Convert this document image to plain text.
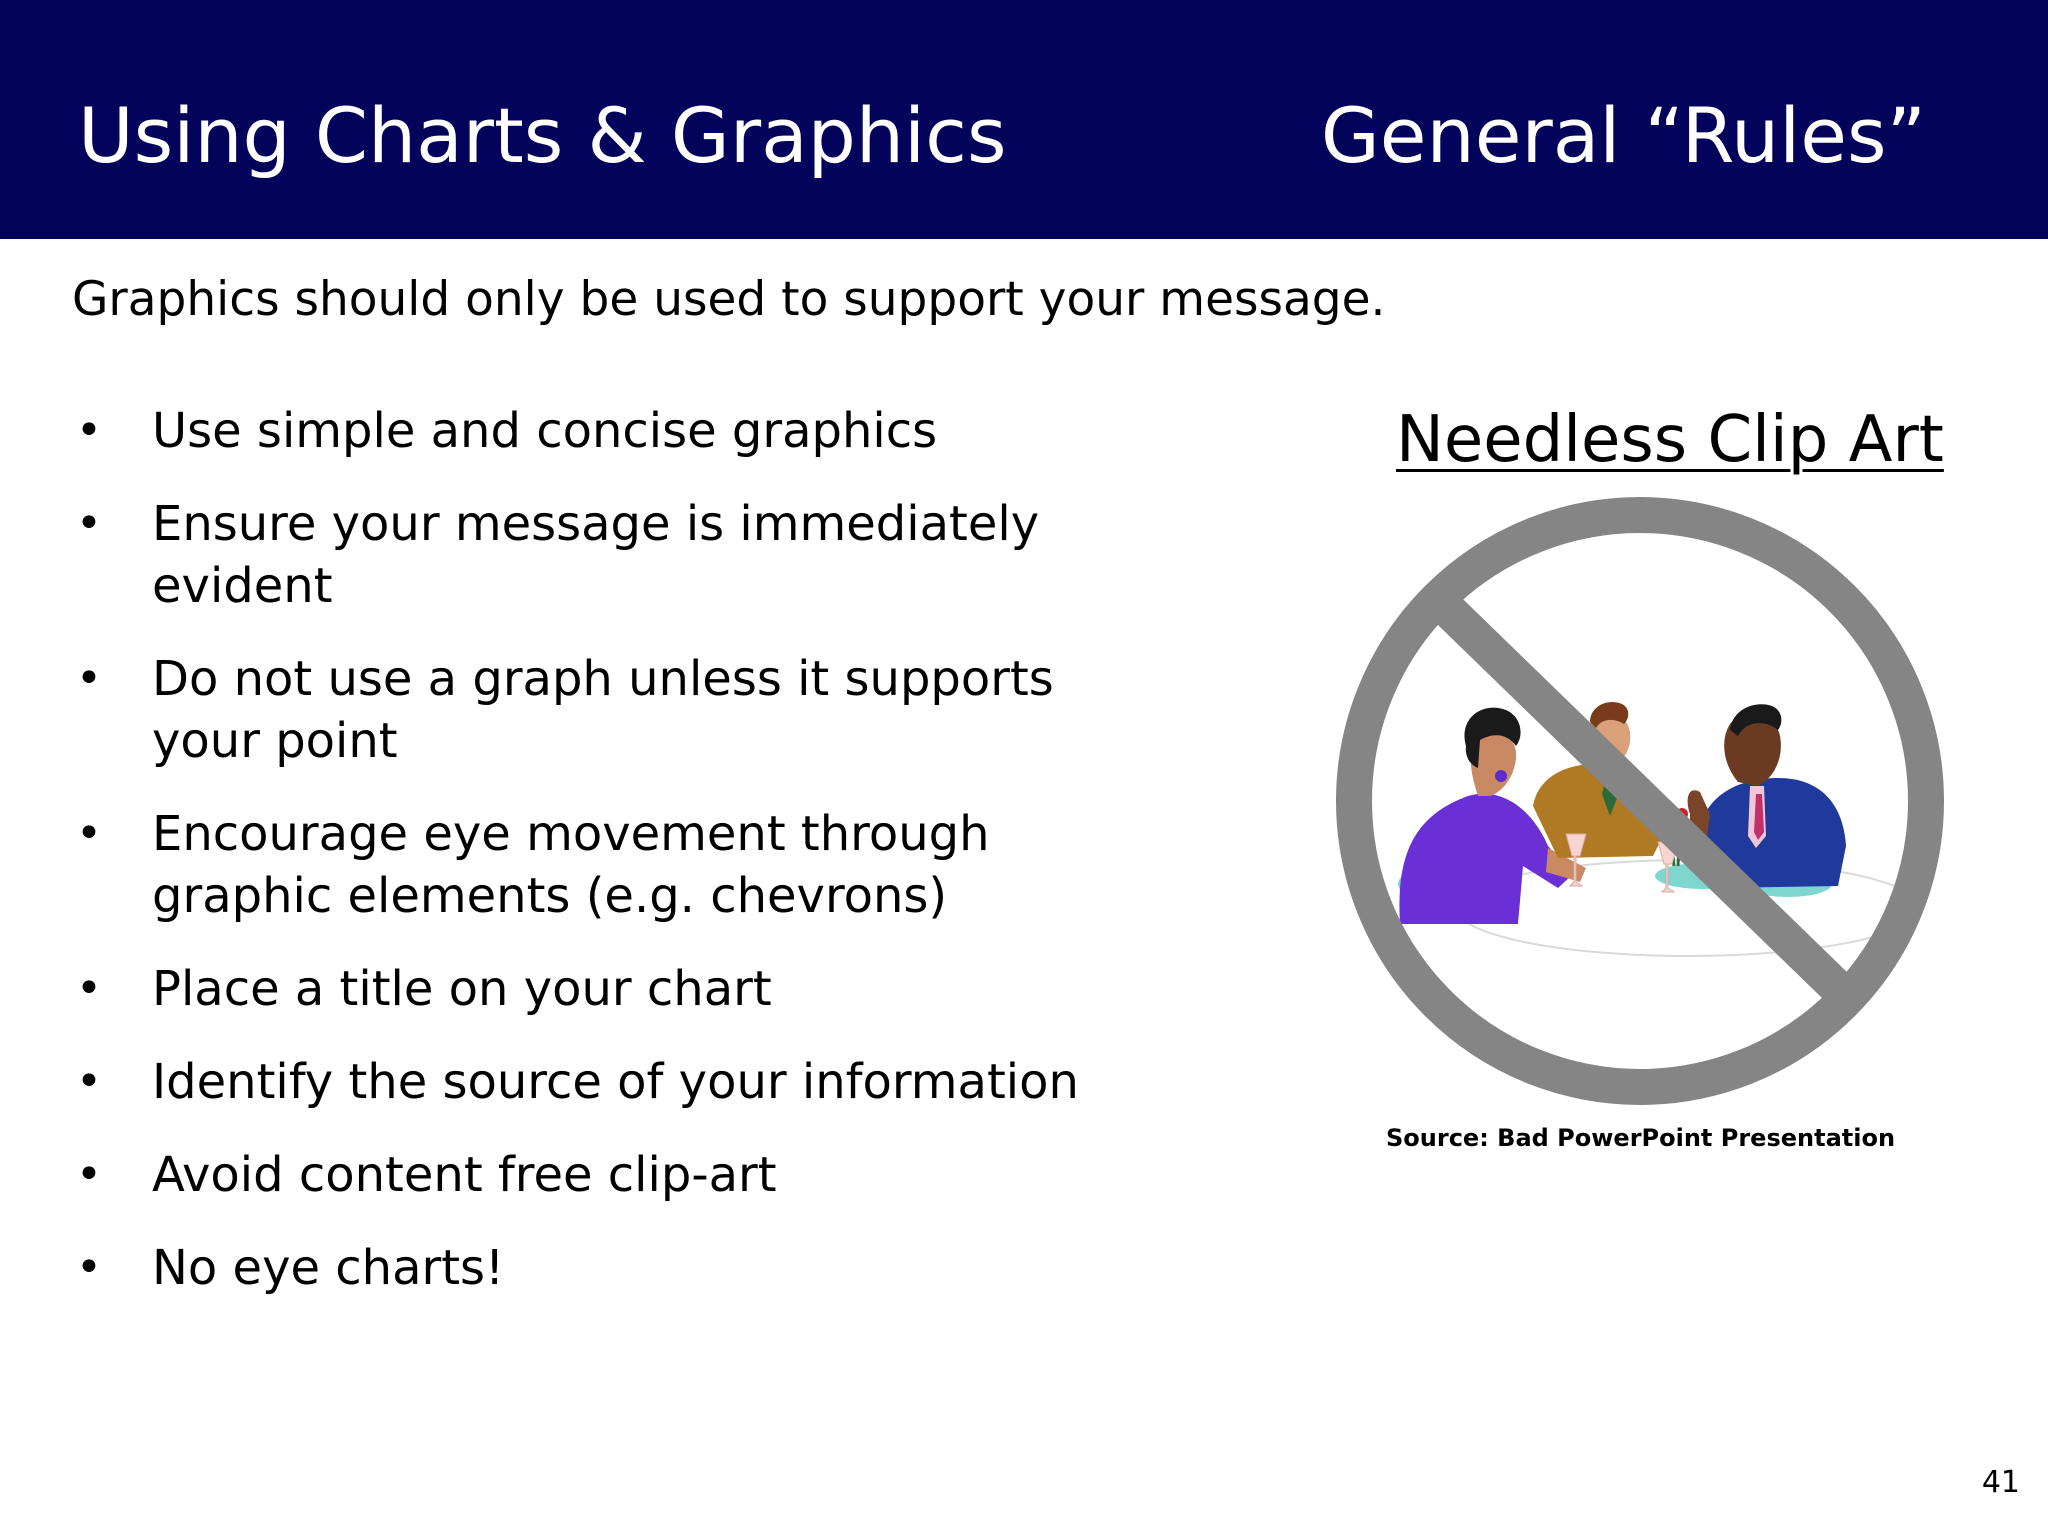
Using Charts & Graphics	General “Rules”
Graphics should only be used to support your message.
• Use simple and concise graphics
• Ensure your message is immediately evident
• Do not use a graph unless it supports your point
• Encourage eye movement through graphic elements (e.g. chevrons)
• Place a title on your chart
• Identify the source of your information
• Avoid content free clip-art
• No eye charts!
Needless Clip Art
Source: Bad PowerPoint Presentation
41
